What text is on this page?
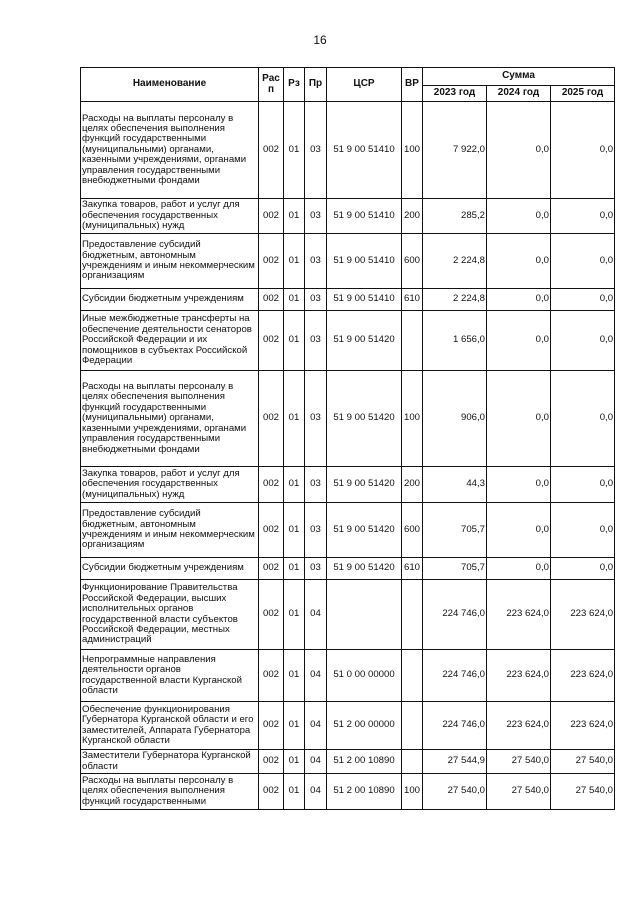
16
Наименование	Рас п	Рз	Пр	ЦСР	ВР	Сумма		
						2023 год	2024 год	2025 год
Расходы на выплаты персоналу в целях обеспечения выполнения функций государственными (муниципальными) органами, казенными учреждениями, органами управления государственными внебюджетными фондами	002	01	03	51 9 00 51410	100	7 922,0	0,0	0,0
Закупка товаров, работ и услуг для обеспечения государственных (муниципальных) нужд	002	01	03	51 9 00 51410	200	285,2	0,0	0,0
Предоставление субсидий бюджетным, автономным учреждениям и иным некоммерческим организациям	002	01	03	51 9 00 51410	600	2 224,8	0,0	0,0
Субсидии бюджетным учреждениям	002	01	03	51 9 00 51410	610	2 224,8	0,0	0,0
Иные межбюджетные трансферты на обеспечение деятельности сенаторов Российской Федерации и их помощников в субъектах Российской Федерации	002	01	03	51 9 00 51420		1 656,0	0,0	0,0
Расходы на выплаты персоналу в целях обеспечения выполнения функций государственными (муниципальными) органами, казенными учреждениями, органами управления государственными внебюджетными фондами	002	01	03	51 9 00 51420	100	906,0	0,0	0,0
Закупка товаров, работ и услуг для обеспечения государственных (муниципальных) нужд	002	01	03	51 9 00 51420	200	44,3	0,0	0,0
Предоставление субсидий бюджетным, автономным учреждениям и иным некоммерческим организациям	002	01	03	51 9 00 51420	600	705,7	0,0	0,0
Субсидии бюджетным учреждениям	002	01	03	51 9 00 51420	610	705,7	0,0	0,0
Функционирование Правительства Российской Федерации, высших исполнительных органов государственной власти субъектов Российской Федерации, местных администраций	002	01	04			224 746,0	223 624,0	223 624,0
Непрограммные направления деятельности органов государственной власти Курганской области	002	01	04	51 0 00 00000		224 746,0	223 624,0	223 624,0
Обеспечение функционирования Губернатора Курганской области и его заместителей, Аппарата Губернатора Курганской области	002	01	04	51 2 00 00000		224 746,0	223 624,0	223 624,0
Заместители Губернатора Курганской области	002	01	04	51 2 00 10890		27 544,9	27 540,0	27 540,0
Расходы на выплаты персоналу в целях обеспечения выполнения функций государственными	002	01	04	51 2 00 10890	100	27 540,0	27 540,0	27 540,0
